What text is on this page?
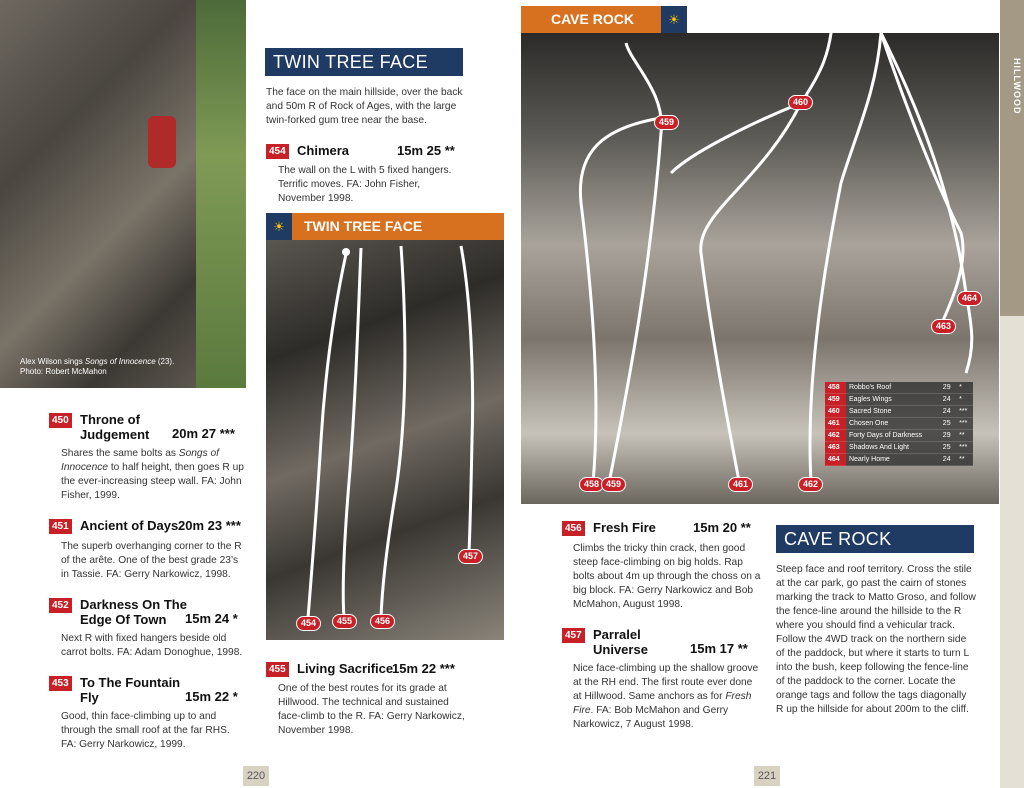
Alex Wilson sings Songs of Innocence (23).
Photo: Robert McMahon
450 Throne of
Judgement 20m 27 ***
Shares the same bolts as Songs of Innocence to half height, then goes R up the ever-increasing steep wall. FA: John Fisher, 1999.
451 Ancient of Days 20m 23 ***
The superb overhanging corner to the R of the arête. One of the best grade 23’s in Tassie. FA: Gerry Narkowicz, 1998.
452 Darkness On The
Edge Of Town	15m 24 *
Next R with fixed hangers beside old carrot bolts. FA: Adam Donoghue, 1998.
453 To The Fountain
Fly	15m 22 *
Good, thin face-climbing up to and through the small roof at the far RHS. FA: Gerry Narkowicz, 1999.
TWIN TREE FACE
The face on the main hillside, over the back and 50m R of Rock of Ages, with the large twin-forked gum tree near the base.
454 Chimera	15m 25 **
The wall on the L with 5 fixed hangers. Terrific moves. FA: John Fisher, November 1998.
☀	TWIN TREE FACE
454	455	456
457
455 Living Sacrifice
15m 22 ***
One of the best routes for its grade at Hillwood. The technical and sustained face-climb to the R. FA: Gerry Narkowicz, November 1998.
220
CAVE ROCK	☀
458 459
459
460
461	462
463
464
458	Robbo's Roof	29	*
459	Eagles Wings	24	*
460	Sacred Stone	24	***
461	Chosen One	25	***
462	Forty Days of Darkness	29	**
463	Shadows And Light	25	***
464	Nearly Home	24	**
456 Fresh Fire	15m 20 **
Climbs the tricky thin crack, then good steep face-climbing on big holds. Rap bolts about 4m up through the choss on a big block. FA: Gerry Narkowicz and Bob McMahon, August 1998.
457 Parralel
Universe	15m 17 **
Nice face-climbing up the shallow groove at the RH end. The first route ever done at Hillwood. Same anchors as for Fresh Fire. FA: Bob McMahon and Gerry Narkowicz, 7 August 1998.
CAVE ROCK
Steep face and roof territory. Cross the stile at the car park, go past the cairn of stones marking the track to Matto Groso, and follow the fence-line around the hillside to the R where you should find a vehicular track. Follow the 4WD track on the northern side of the paddock, but where it starts to turn L into the bush, keep following the fence-line of the paddock to the corner. Locate the orange tags and follow the tags diagonally R up the hillside for about 200m to the cliff.
221
HILLWOOD
